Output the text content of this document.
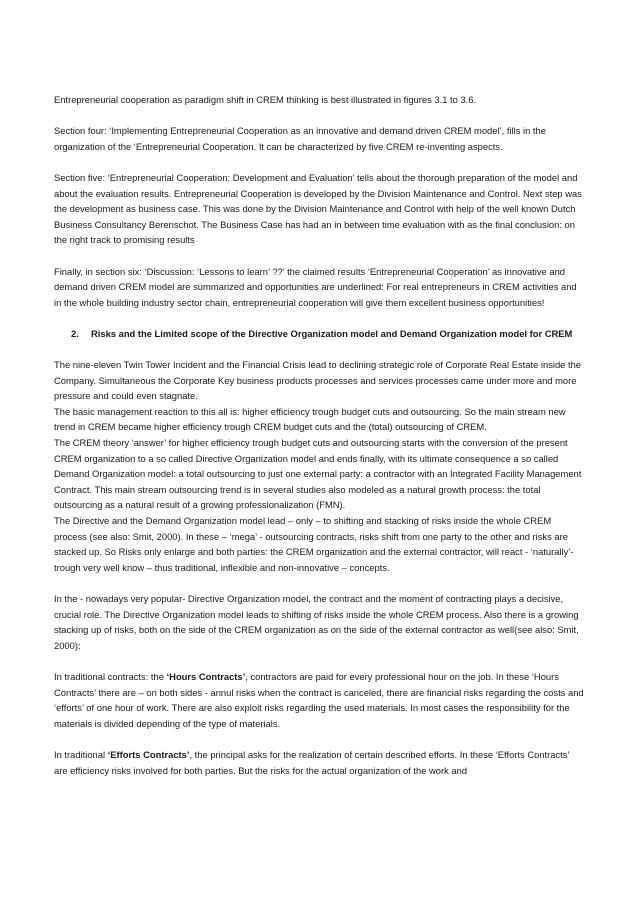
Entrepreneurial cooperation as paradigm shift in CREM thinking is best illustrated in figures 3.1 to 3.6.

Section four: ‘Implementing Entrepreneurial Cooperation as an innovative and demand driven CREM model’, fills in the organization of the ‘Entrepreneurial Cooperation. It can be characterized by five CREM re-inventing aspects.

Section five: ‘Entrepreneurial Cooperation: Development and Evaluation’ tells about the thorough preparation of the model and about the evaluation results. Entrepreneurial Cooperation is developed by the Division Maintenance and Control. Next step was the development as business case. This was done by the Division Maintenance and Control with help of the well known Dutch Business Consultancy Berenschot. The Business Case has had an in between time evaluation with as the final conclusion: on the right track to promising results

Finally, in section six: ‘Discussion: ‘Lessons to learn’ ??’ the claimed results ‘Entrepreneurial Cooperation’ as innovative and demand driven CREM model are summarized and opportunities are underlined: For real entrepreneurs in CREM activities and in the whole building industry sector chain, entrepreneurial cooperation will give them excellent business opportunities!

2.	Risks and the Limited scope of the Directive Organization model and Demand Organization model for CREM

The nine-eleven Twin Tower Incident and the Financial Crisis lead to declining strategic role of Corporate Real Estate inside the Company. Simultaneous the Corporate Key business products processes and services processes came under more and more pressure and could even stagnate.

The basic management reaction to this all is: higher efficiency trough budget cuts and outsourcing. So the main stream new trend in CREM became higher efficiency trough CREM budget cuts and the (total) outsourcing of CREM.

The CREM theory ‘answer’ for higher efficiency trough budget cuts and outsourcing starts with the conversion of the present CREM organization to a so called Directive Organization model and ends finally, with its ultimate consequence a so called Demand Organization model: a total outsourcing to just one external party: a contractor with an Integrated Facility Management Contract. This main stream outsourcing trend is in several studies also modeled as a natural growth process: the total outsourcing as a natural result of a growing professionalization (FMN).

The Directive and the Demand Organization model lead – only – to shifting and stacking of risks inside the whole CREM process (see also: Smit, 2000). In these – ‘mega’ - outsourcing contracts, risks shift from one party to the other and risks are stacked up. So Risks only enlarge and both parties: the CREM organization and the external contractor, will react - ‘naturally’- trough very well know – thus traditional, inflexible and non-innovative – concepts.

In the - nowadays very popular- Directive Organization model, the contract and the moment of contracting plays a decisive, crucial role. The Directive Organization model leads to shifting of risks inside the whole CREM process. Also there is a growing stacking up of risks, both on the side of the CREM organization as on the side of the external contractor as well(see also: Smit, 2000):

In traditional contracts: the ‘Hours Contracts’, contractors are paid for every professional hour on the job. In these ‘Hours Contracts’ there are – on both sides - annul risks when the contract is canceled, there are financial risks regarding the costs and ‘efforts’ of one hour of work. There are also exploit risks regarding the used materials. In most cases the responsibility for the materials is divided depending of the type of materials.

In traditional ‘Efforts Contracts’, the principal asks for the realization of certain described efforts. In these ‘Efforts Contracts’ are efficiency risks involved for both parties. But the risks for the actual organization of the work and
